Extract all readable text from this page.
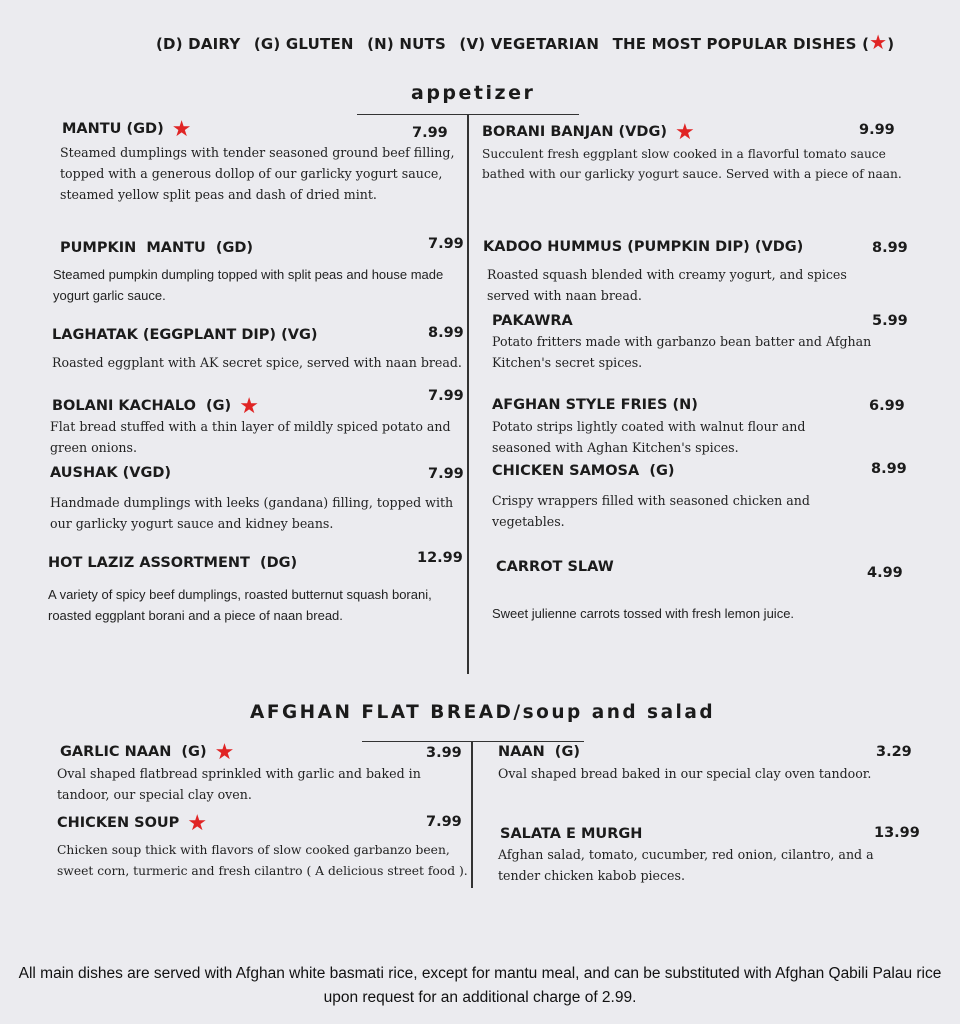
(D) DAIRY (G) GLUTEN (N) NUTS (V) VEGETARIAN THE MOST POPULAR DISHES (★)
appetizer
MANTU (GD) ★	7.99
Steamed dumplings with tender seasoned ground beef filling, topped with a generous dollop of our garlicky yogurt sauce, steamed yellow split peas and dash of dried mint.
PUMPKIN  MANTU  (GD)	7.99
Steamed pumpkin dumpling topped with split peas and house made yogurt garlic sauce.
LAGHATAK (EGGPLANT DIP) (VG)	8.99
Roasted eggplant with AK secret spice, served with naan bread.
BOLANI KACHALO  (G) ★	7.99
Flat bread stuffed with a thin layer of mildly spiced potato and green onions.
AUSHAK (VGD)	7.99
Handmade dumplings with leeks (gandana) filling, topped with our garlicky yogurt sauce and kidney beans.
HOT LAZIZ ASSORTMENT  (DG)	12.99
A variety of spicy beef dumplings, roasted butternut squash borani, roasted eggplant borani and a piece of naan bread.
BORANI BANJAN (VDG) ★	9.99
Succulent fresh eggplant slow cooked in a flavorful tomato sauce bathed with our garlicky yogurt sauce. Served with a piece of naan.
KADOO HUMMUS (PUMPKIN DIP) (VDG)	8.99
Roasted squash blended with creamy yogurt, and spices served with naan bread.
PAKAWRA	5.99
Potato fritters made with garbanzo bean batter and Afghan Kitchen's secret spices.
AFGHAN STYLE FRIES (N)	6.99
Potato strips lightly coated with walnut flour and seasoned with Aghan Kitchen's spices.
CHICKEN SAMOSA  (G)	8.99
Crispy wrappers filled with seasoned chicken and vegetables.
CARROT SLAW	4.99
Sweet julienne carrots tossed with fresh lemon juice.
AFGHAN FLAT BREAD/soup and salad
GARLIC NAAN  (G) ★	3.99
Oval shaped flatbread sprinkled with garlic and baked in tandoor, our special clay oven.
CHICKEN SOUP ★	7.99
Chicken soup thick with flavors of slow cooked garbanzo been, sweet corn, turmeric and fresh cilantro ( A delicious street food ).
NAAN  (G)	3.29
Oval shaped bread baked in our special clay oven tandoor.
SALATA E MURGH	13.99
Afghan salad, tomato, cucumber, red onion, cilantro, and a tender chicken kabob pieces.
All main dishes are served with Afghan white basmati rice, except for mantu meal, and can be substituted with Afghan Qabili Palau rice upon request for an additional charge of 2.99.
